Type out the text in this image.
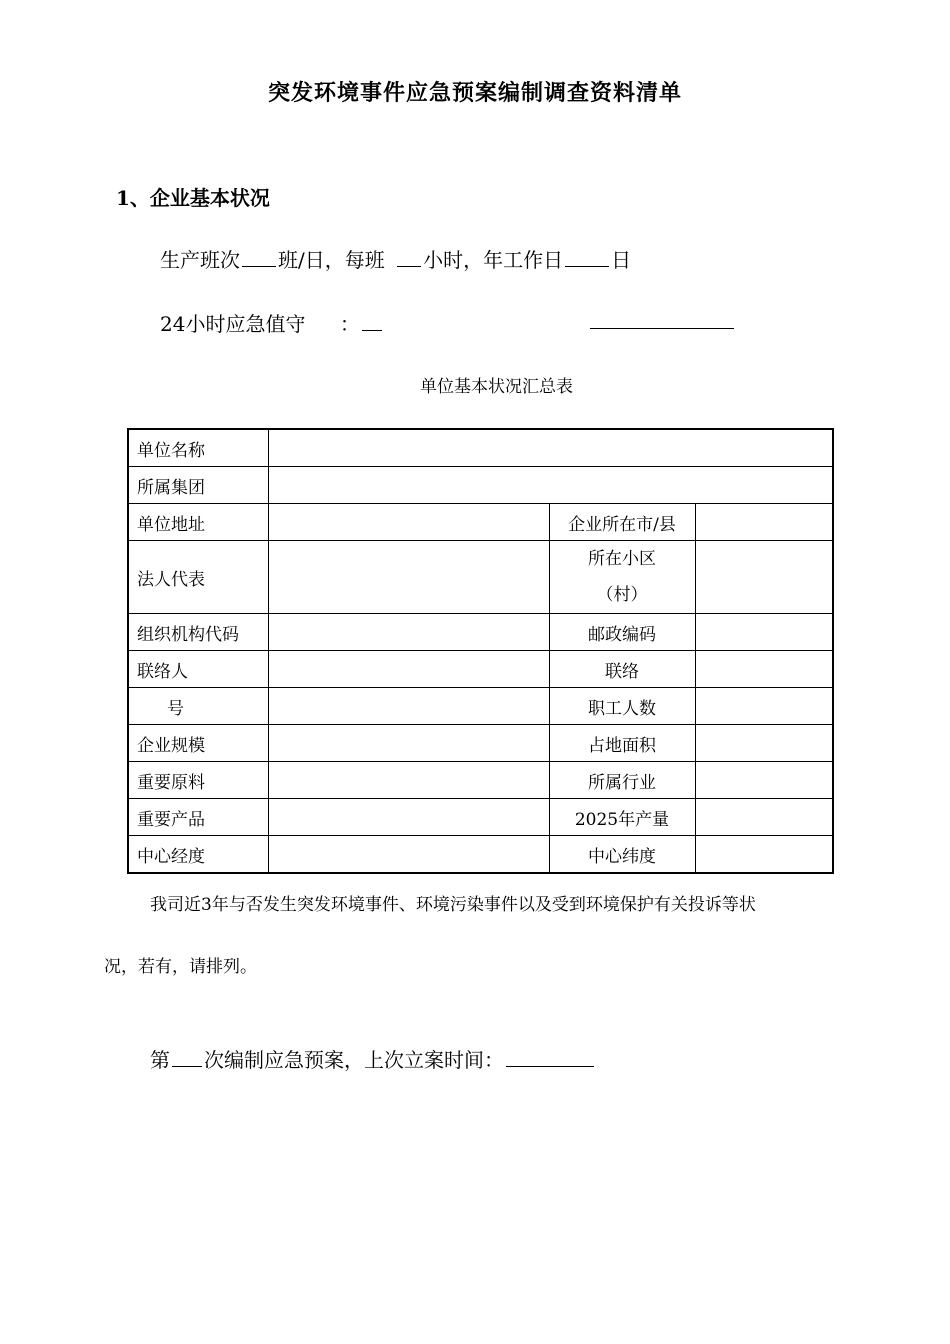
突发环境事件应急预案编制调查资料清单
1、企业基本状况
生产班次 班/日，每班 小时，年工作日 日
24小时应急值守 ：
单位基本状况汇总表
单位名称			
所属集团			
单位地址		企业所在市/县	
法人代表		所在小区
（村）	

组织机构代码		邮政编码	
联络人		联络	
号		职工人数	
企业规模		占地面积	
重要原料		所属行业	
重要产品		2025年产量	
中心经度		中心纬度	
我司近3年与否发生突发环境事件、环境污染事件以及受到环境保护有关投诉等状
况，若有，请排列。
第 次编制应急预案，上次立案时间：
